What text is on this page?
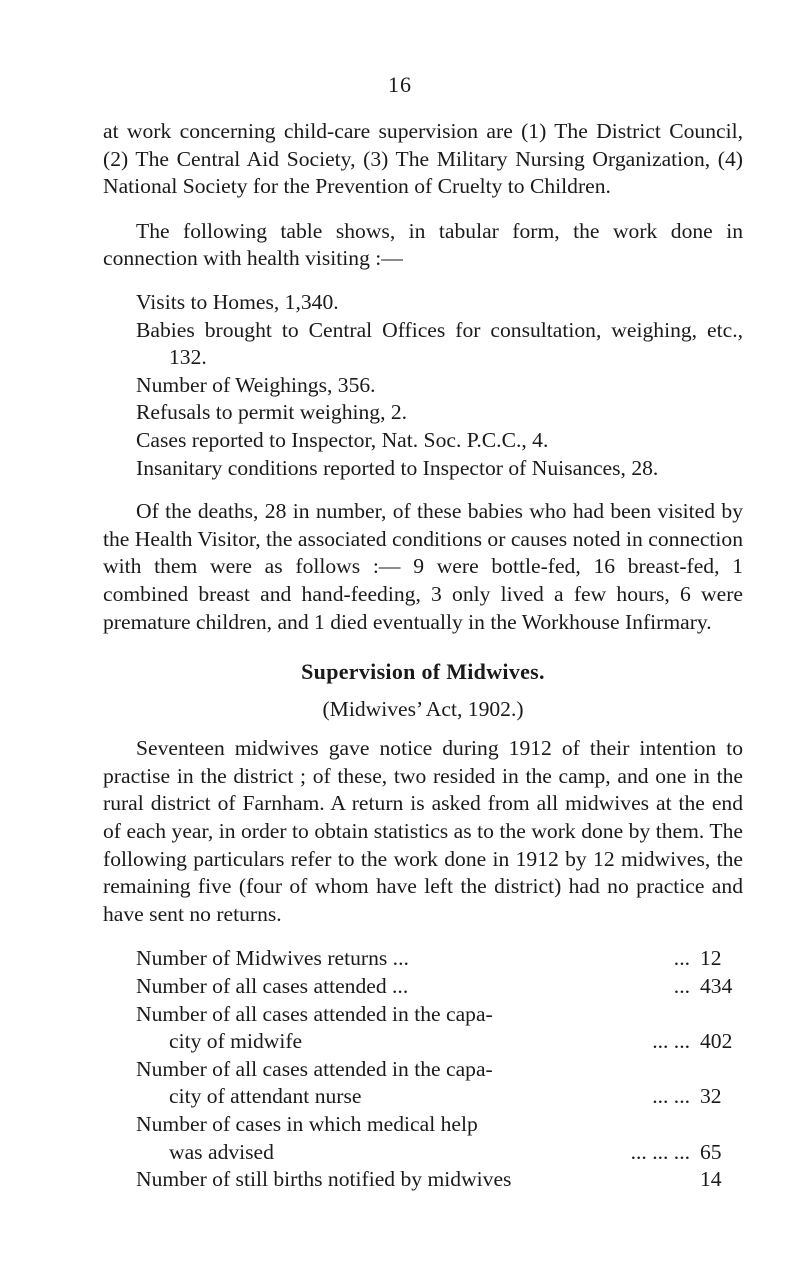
16

at work concerning child-care supervision are (1) The District Council, (2) The Central Aid Society, (3) The Military Nursing Organization, (4) National Society for the Prevention of Cruelty to Children.

The following table shows, in tabular form, the work done in connection with health visiting :—

Visits to Homes, 1,340.
Babies brought to Central Offices for consultation, weighing, etc., 132.
Number of Weighings, 356.
Refusals to permit weighing, 2.
Cases reported to Inspector, Nat. Soc. P.C.C., 4.
Insanitary conditions reported to Inspector of Nuisances, 28.

Of the deaths, 28 in number, of these babies who had been visited by the Health Visitor, the associated conditions or causes noted in connection with them were as follows :— 9 were bottle-fed, 16 breast-fed, 1 combined breast and hand-feeding, 3 only lived a few hours, 6 were premature children, and 1 died eventually in the Workhouse Infirmary.

Supervision of Midwives.
(Midwives’ Act, 1902.)

Seventeen midwives gave notice during 1912 of their intention to practise in the district ; of these, two resided in the camp, and one in the rural district of Farnham. A return is asked from all midwives at the end of each year, in order to obtain statistics as to the work done by them. The following particulars refer to the work done in 1912 by 12 midwives, the remaining five (four of whom have left the district) had no practice and have sent no returns.

Number of Midwives returns ...	... 12
Number of all cases attended ...	... 434
Number of all cases attended in the capa-
city of midwife	... ... 402
Number of all cases attended in the capa-
city of attendant nurse	... ... 32
Number of cases in which medical help
was advised	... ... ... 65
Number of still births notified by midwives	14
